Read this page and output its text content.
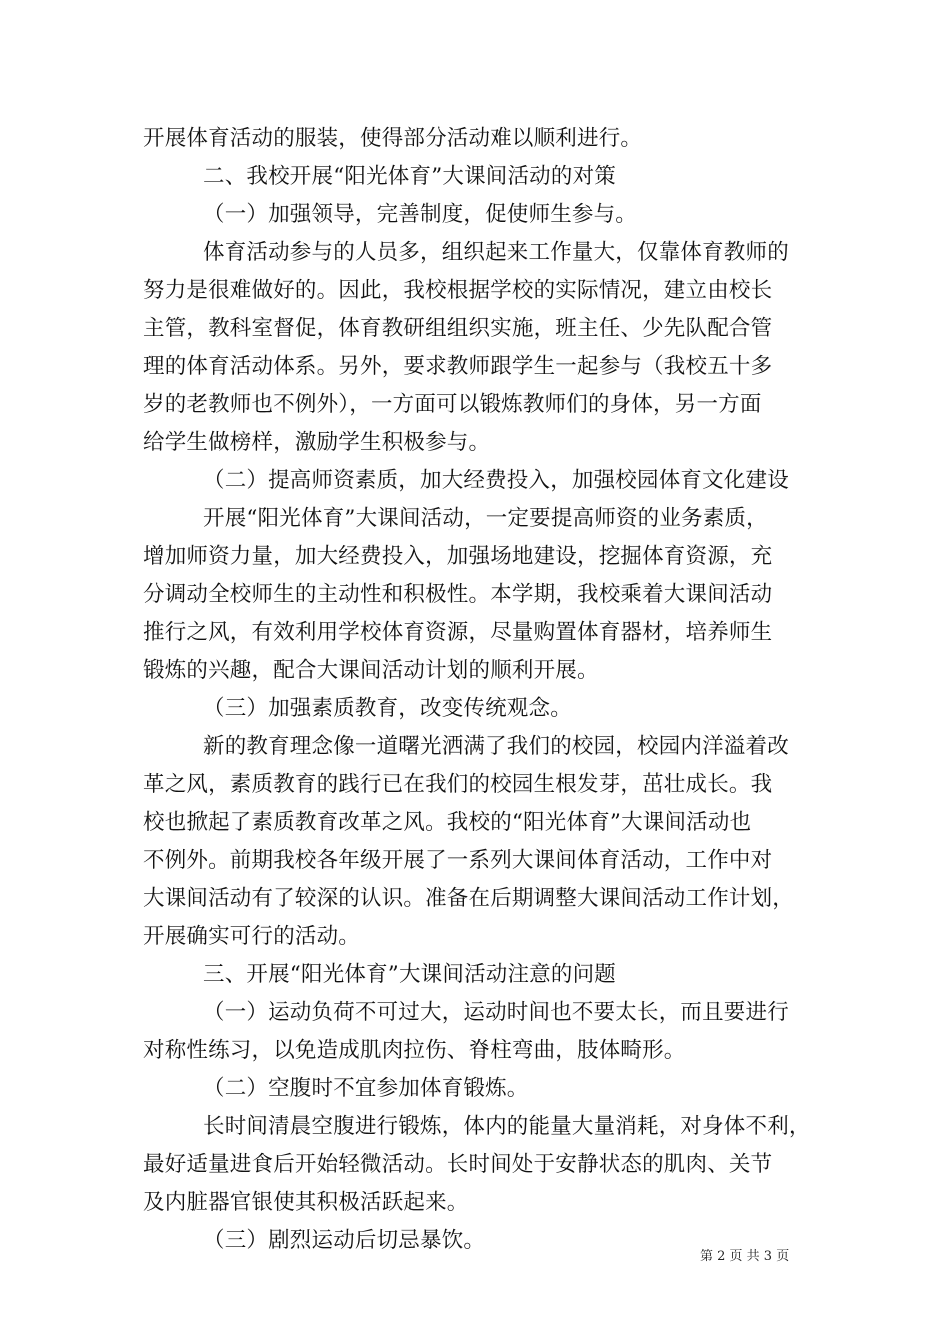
开展体育活动的服装，使得部分活动难以顺利进行。
二、我校开展“阳光体育”大课间活动的对策
（一）加强领导，完善制度，促使师生参与。
体育活动参与的人员多，组织起来工作量大，仅靠体育教师的
努力是很难做好的。因此，我校根据学校的实际情况，建立由校长
主管，教科室督促，体育教研组组织实施，班主任、少先队配合管
理的体育活动体系。另外，要求教师跟学生一起参与（我校五十多
岁的老教师也不例外），一方面可以锻炼教师们的身体，另一方面
给学生做榜样，激励学生积极参与。
（二）提高师资素质，加大经费投入，加强校园体育文化建设
开展“阳光体育”大课间活动，一定要提高师资的业务素质，
增加师资力量，加大经费投入，加强场地建设，挖掘体育资源，充
分调动全校师生的主动性和积极性。本学期，我校乘着大课间活动
推行之风，有效利用学校体育资源，尽量购置体育器材，培养师生
锻炼的兴趣，配合大课间活动计划的顺利开展。
（三）加强素质教育，改变传统观念。
新的教育理念像一道曙光洒满了我们的校园，校园内洋溢着改
革之风，素质教育的践行已在我们的校园生根发芽，茁壮成长。我
校也掀起了素质教育改革之风。我校的“阳光体育”大课间活动也
不例外。前期我校各年级开展了一系列大课间体育活动，工作中对
大课间活动有了较深的认识。准备在后期调整大课间活动工作计划，
开展确实可行的活动。
三、开展“阳光体育”大课间活动注意的问题
（一）运动负荷不可过大，运动时间也不要太长，而且要进行
对称性练习，以免造成肌肉拉伤、脊柱弯曲，肢体畸形。
（二）空腹时不宜参加体育锻炼。
长时间清晨空腹进行锻炼，体内的能量大量消耗，对身体不利，
最好适量进食后开始轻微活动。长时间处于安静状态的肌肉、关节
及内脏器官银使其积极活跃起来。
（三）剧烈运动后切忌暴饮。
第 2 页 共 3 页
